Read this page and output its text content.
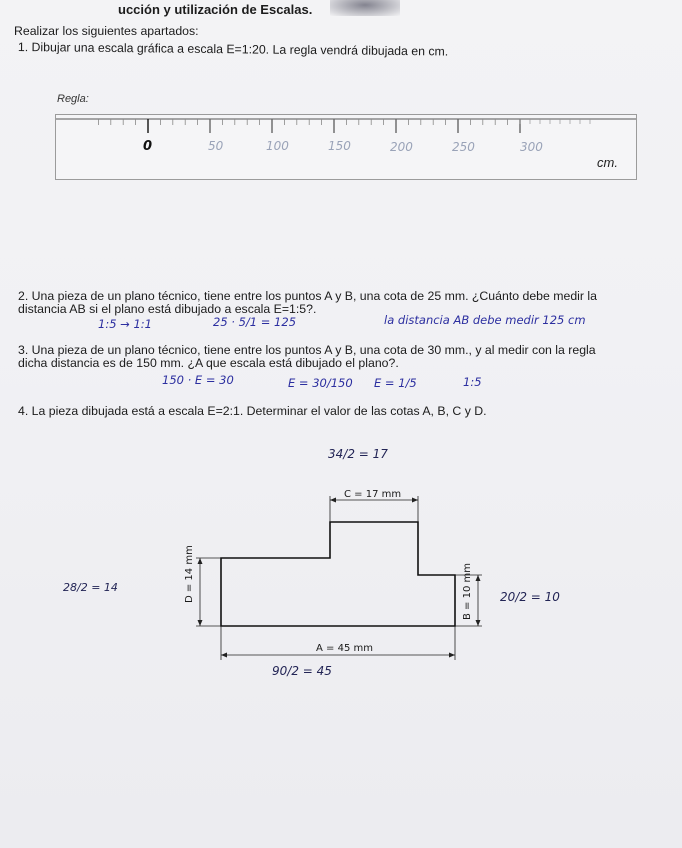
ucción y utilización de Escalas.
Realizar los siguientes apartados:
1. Dibujar una escala gráfica a escala E=1:20. La regla vendrá dibujada en cm.
Regla:
0	50	100	150	200	250	300
cm.
2. Una pieza de un plano técnico, tiene entre los puntos A y B, una cota de 25 mm. ¿Cuánto debe medir la
distancia AB si el plano está dibujado a escala E=1:5?.
1:5 → 1:1	25 · 5/1 = 125	la distancia AB debe medir 125 cm
3. Una pieza de un plano técnico, tiene entre los puntos A y B, una cota de 30 mm., y al medir con la regla
dicha distancia es de 150 mm. ¿A que escala está dibujado el plano?.
150 · E = 30	E = 30/150 E = 1/5	1:5
4. La pieza dibujada está a escala E=2:1. Determinar el valor de las cotas A, B, C y D.
34/2 = 17
28/2 = 14
20/2 = 10
90/2 = 45
C = 17 mm
D = 14 mm	B = 10 mm
A = 45 mm
